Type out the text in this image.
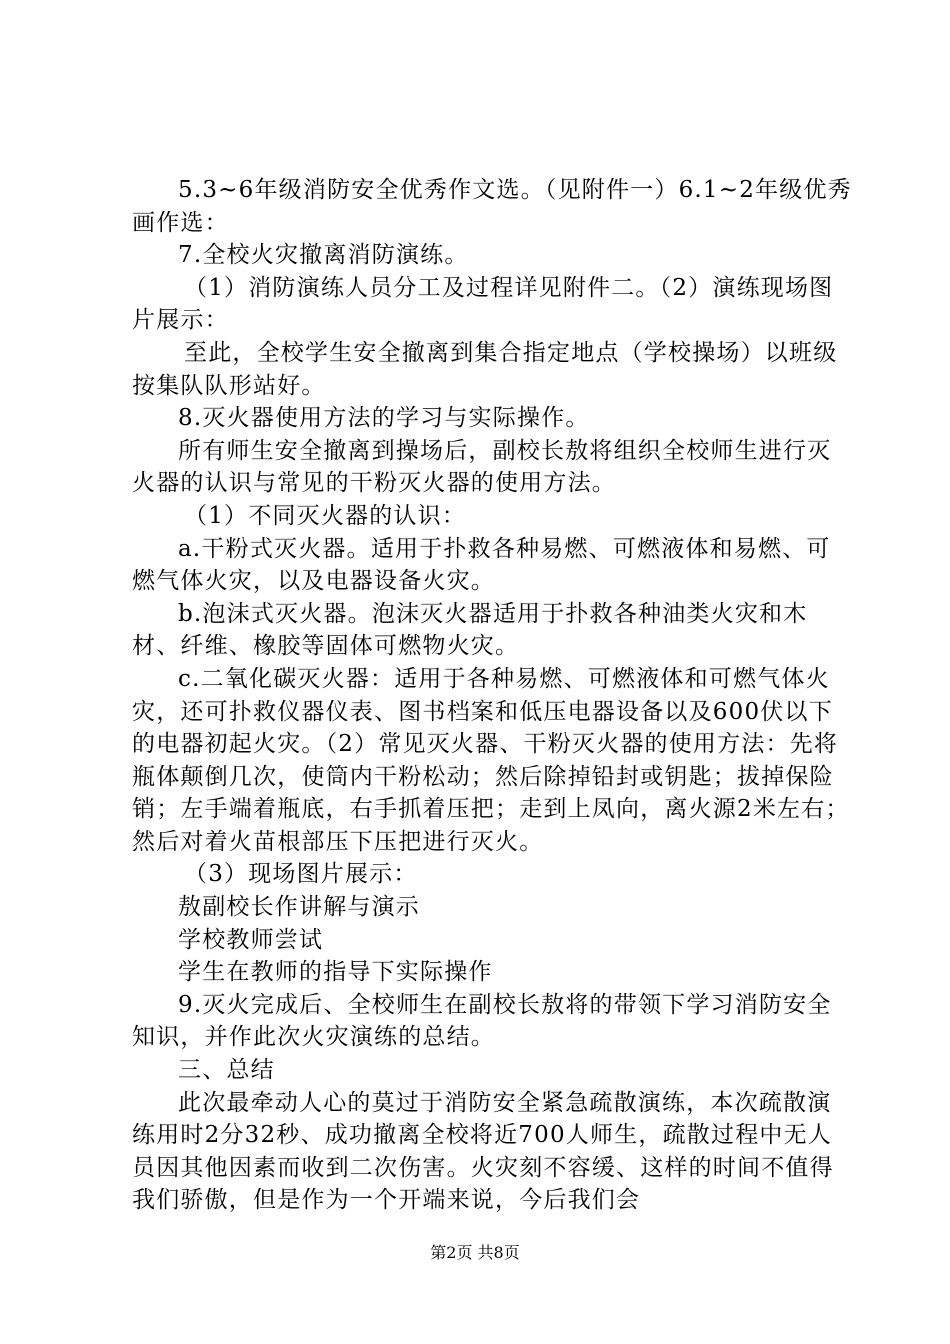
5.3~6年级消防安全优秀作文选。（见附件一）6.1~2年级优秀画作选：

7.全校火灾撤离消防演练。

（1）消防演练人员分工及过程详见附件二。（2）演练现场图片展示：

至此，全校学生安全撤离到集合指定地点（学校操场）以班级按集队队形站好。

8.灭火器使用方法的学习与实际操作。

所有师生安全撤离到操场后，副校长敖将组织全校师生进行灭火器的认识与常见的干粉灭火器的使用方法。

（1）不同灭火器的认识：

a.干粉式灭火器。适用于扑救各种易燃、可燃液体和易燃、可燃气体火灾，以及电器设备火灾。

b.泡沫式灭火器。泡沫灭火器适用于扑救各种油类火灾和木材、纤维、橡胶等固体可燃物火灾。

c.二氧化碳灭火器：适用于各种易燃、可燃液体和可燃气体火灾，还可扑救仪器仪表、图书档案和低压电器设备以及600伏以下的电器初起火灾。（2）常见灭火器、干粉灭火器的使用方法：先将瓶体颠倒几次，使筒内干粉松动；然后除掉铅封或钥匙；拔掉保险销；左手端着瓶底，右手抓着压把；走到上凤向，离火源2米左右；然后对着火苗根部压下压把进行灭火。

（3）现场图片展示：

敖副校长作讲解与演示

学校教师尝试

学生在教师的指导下实际操作

9.灭火完成后、全校师生在副校长敖将的带领下学习消防安全知识，并作此次火灾演练的总结。

三、总结

此次最牵动人心的莫过于消防安全紧急疏散演练，本次疏散演练用时2分32秒、成功撤离全校将近700人师生，疏散过程中无人员因其他因素而收到二次伤害。火灾刻不容缓、这样的时间不值得我们骄傲，但是作为一个开端来说，今后我们会

第2页 共8页
